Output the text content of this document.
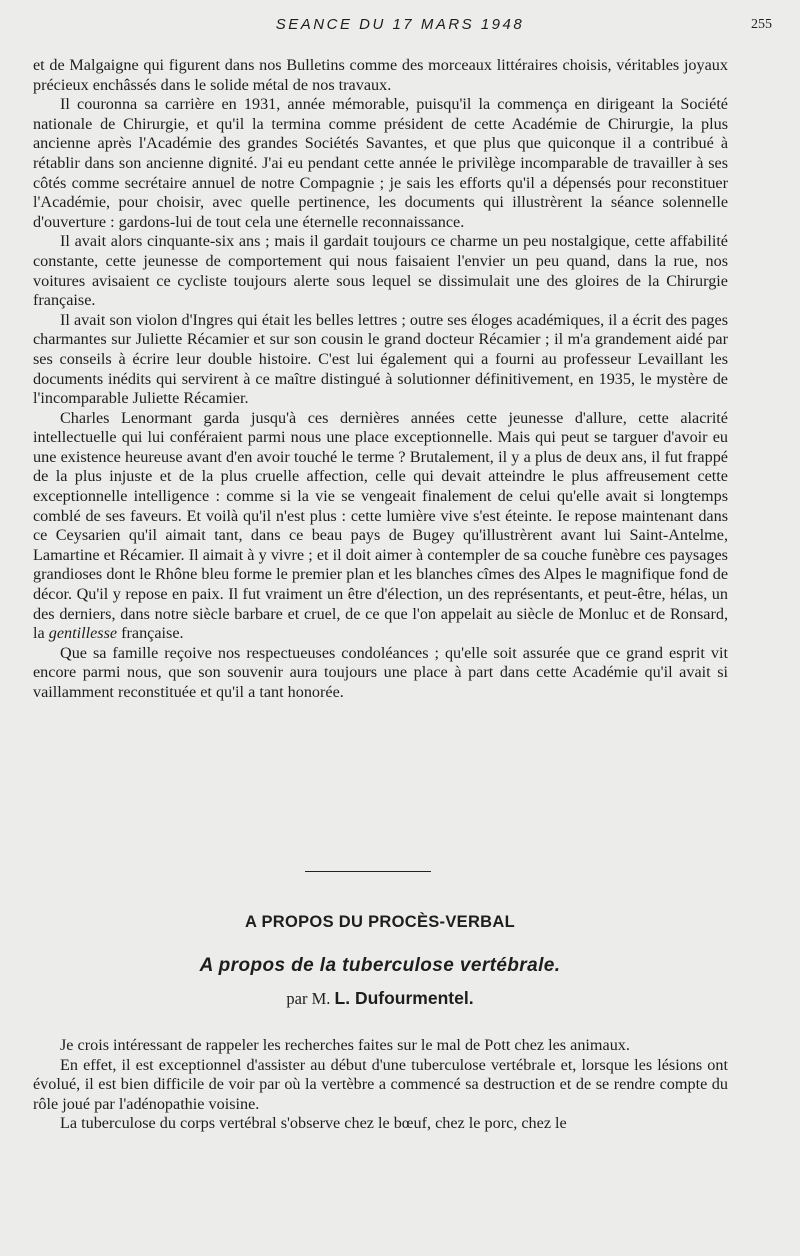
SEANCE DU 17 MARS 1948	255

et de Malgaigne qui figurent dans nos Bulletins comme des morceaux littéraires choisis, véritables joyaux précieux enchâssés dans le solide métal de nos travaux.

Il couronna sa carrière en 1931, année mémorable, puisqu'il la commença en dirigeant la Société nationale de Chirurgie, et qu'il la termina comme président de cette Académie de Chirurgie, la plus ancienne après l'Académie des grandes Sociétés Savantes, et que plus que quiconque il a contribué à rétablir dans son ancienne dignité. J'ai eu pendant cette année le privilège incomparable de travailler à ses côtés comme secrétaire annuel de notre Compagnie ; je sais les efforts qu'il a dépensés pour reconstituer l'Académie, pour choisir, avec quelle pertinence, les documents qui illustrèrent la séance solennelle d'ouverture : gardons-lui de tout cela une éternelle reconnaissance.

Il avait alors cinquante-six ans ; mais il gardait toujours ce charme un peu nostalgique, cette affabilité constante, cette jeunesse de comportement qui nous faisaient l'envier un peu quand, dans la rue, nos voitures avisaient ce cycliste toujours alerte sous lequel se dissimulait une des gloires de la Chirurgie française.

Il avait son violon d'Ingres qui était les belles lettres ; outre ses éloges académiques, il a écrit des pages charmantes sur Juliette Récamier et sur son cousin le grand docteur Récamier ; il m'a grandement aidé par ses conseils à écrire leur double histoire. C'est lui également qui a fourni au professeur Levaillant les documents inédits qui servirent à ce maître distingué à solutionner définitivement, en 1935, le mystère de l'incomparable Juliette Récamier.

Charles Lenormant garda jusqu'à ces dernières années cette jeunesse d'allure, cette alacrité intellectuelle qui lui conféraient parmi nous une place exceptionnelle. Mais qui peut se targuer d'avoir eu une existence heureuse avant d'en avoir touché le terme ? Brutalement, il y a plus de deux ans, il fut frappé de la plus injuste et de la plus cruelle affection, celle qui devait atteindre le plus affreusement cette exceptionnelle intelligence : comme si la vie se vengeait finalement de celui qu'elle avait si longtemps comblé de ses faveurs. Et voilà qu'il n'est plus : cette lumière vive s'est éteinte. Ie repose maintenant dans ce Ceysarien qu'il aimait tant, dans ce beau pays de Bugey qu'illustrèrent avant lui Saint-Antelme, Lamartine et Récamier. Il aimait à y vivre ; et il doit aimer à contempler de sa couche funèbre ces paysages grandioses dont le Rhône bleu forme le premier plan et les blanches cîmes des Alpes le magnifique fond de décor. Qu'il y repose en paix. Il fut vraiment un être d'élection, un des représentants, et peut-être, hélas, un des derniers, dans notre siècle barbare et cruel, de ce que l'on appelait au siècle de Monluc et de Ronsard, la gentillesse française.

Que sa famille reçoive nos respectueuses condoléances ; qu'elle soit assurée que ce grand esprit vit encore parmi nous, que son souvenir aura toujours une place à part dans cette Académie qu'il avait si vaillamment reconstituée et qu'il a tant honorée.

A PROPOS DU PROCÈS-VERBAL
A propos de la tuberculose vertébrale.
par M. L. Dufourmentel.

Je crois intéressant de rappeler les recherches faites sur le mal de Pott chez les animaux.

En effet, il est exceptionnel d'assister au début d'une tuberculose vertébrale et, lorsque les lésions ont évolué, il est bien difficile de voir par où la vertèbre a commencé sa destruction et de se rendre compte du rôle joué par l'adénopathie voisine.

La tuberculose du corps vertébral s'observe chez le bœuf, chez le porc, chez le
